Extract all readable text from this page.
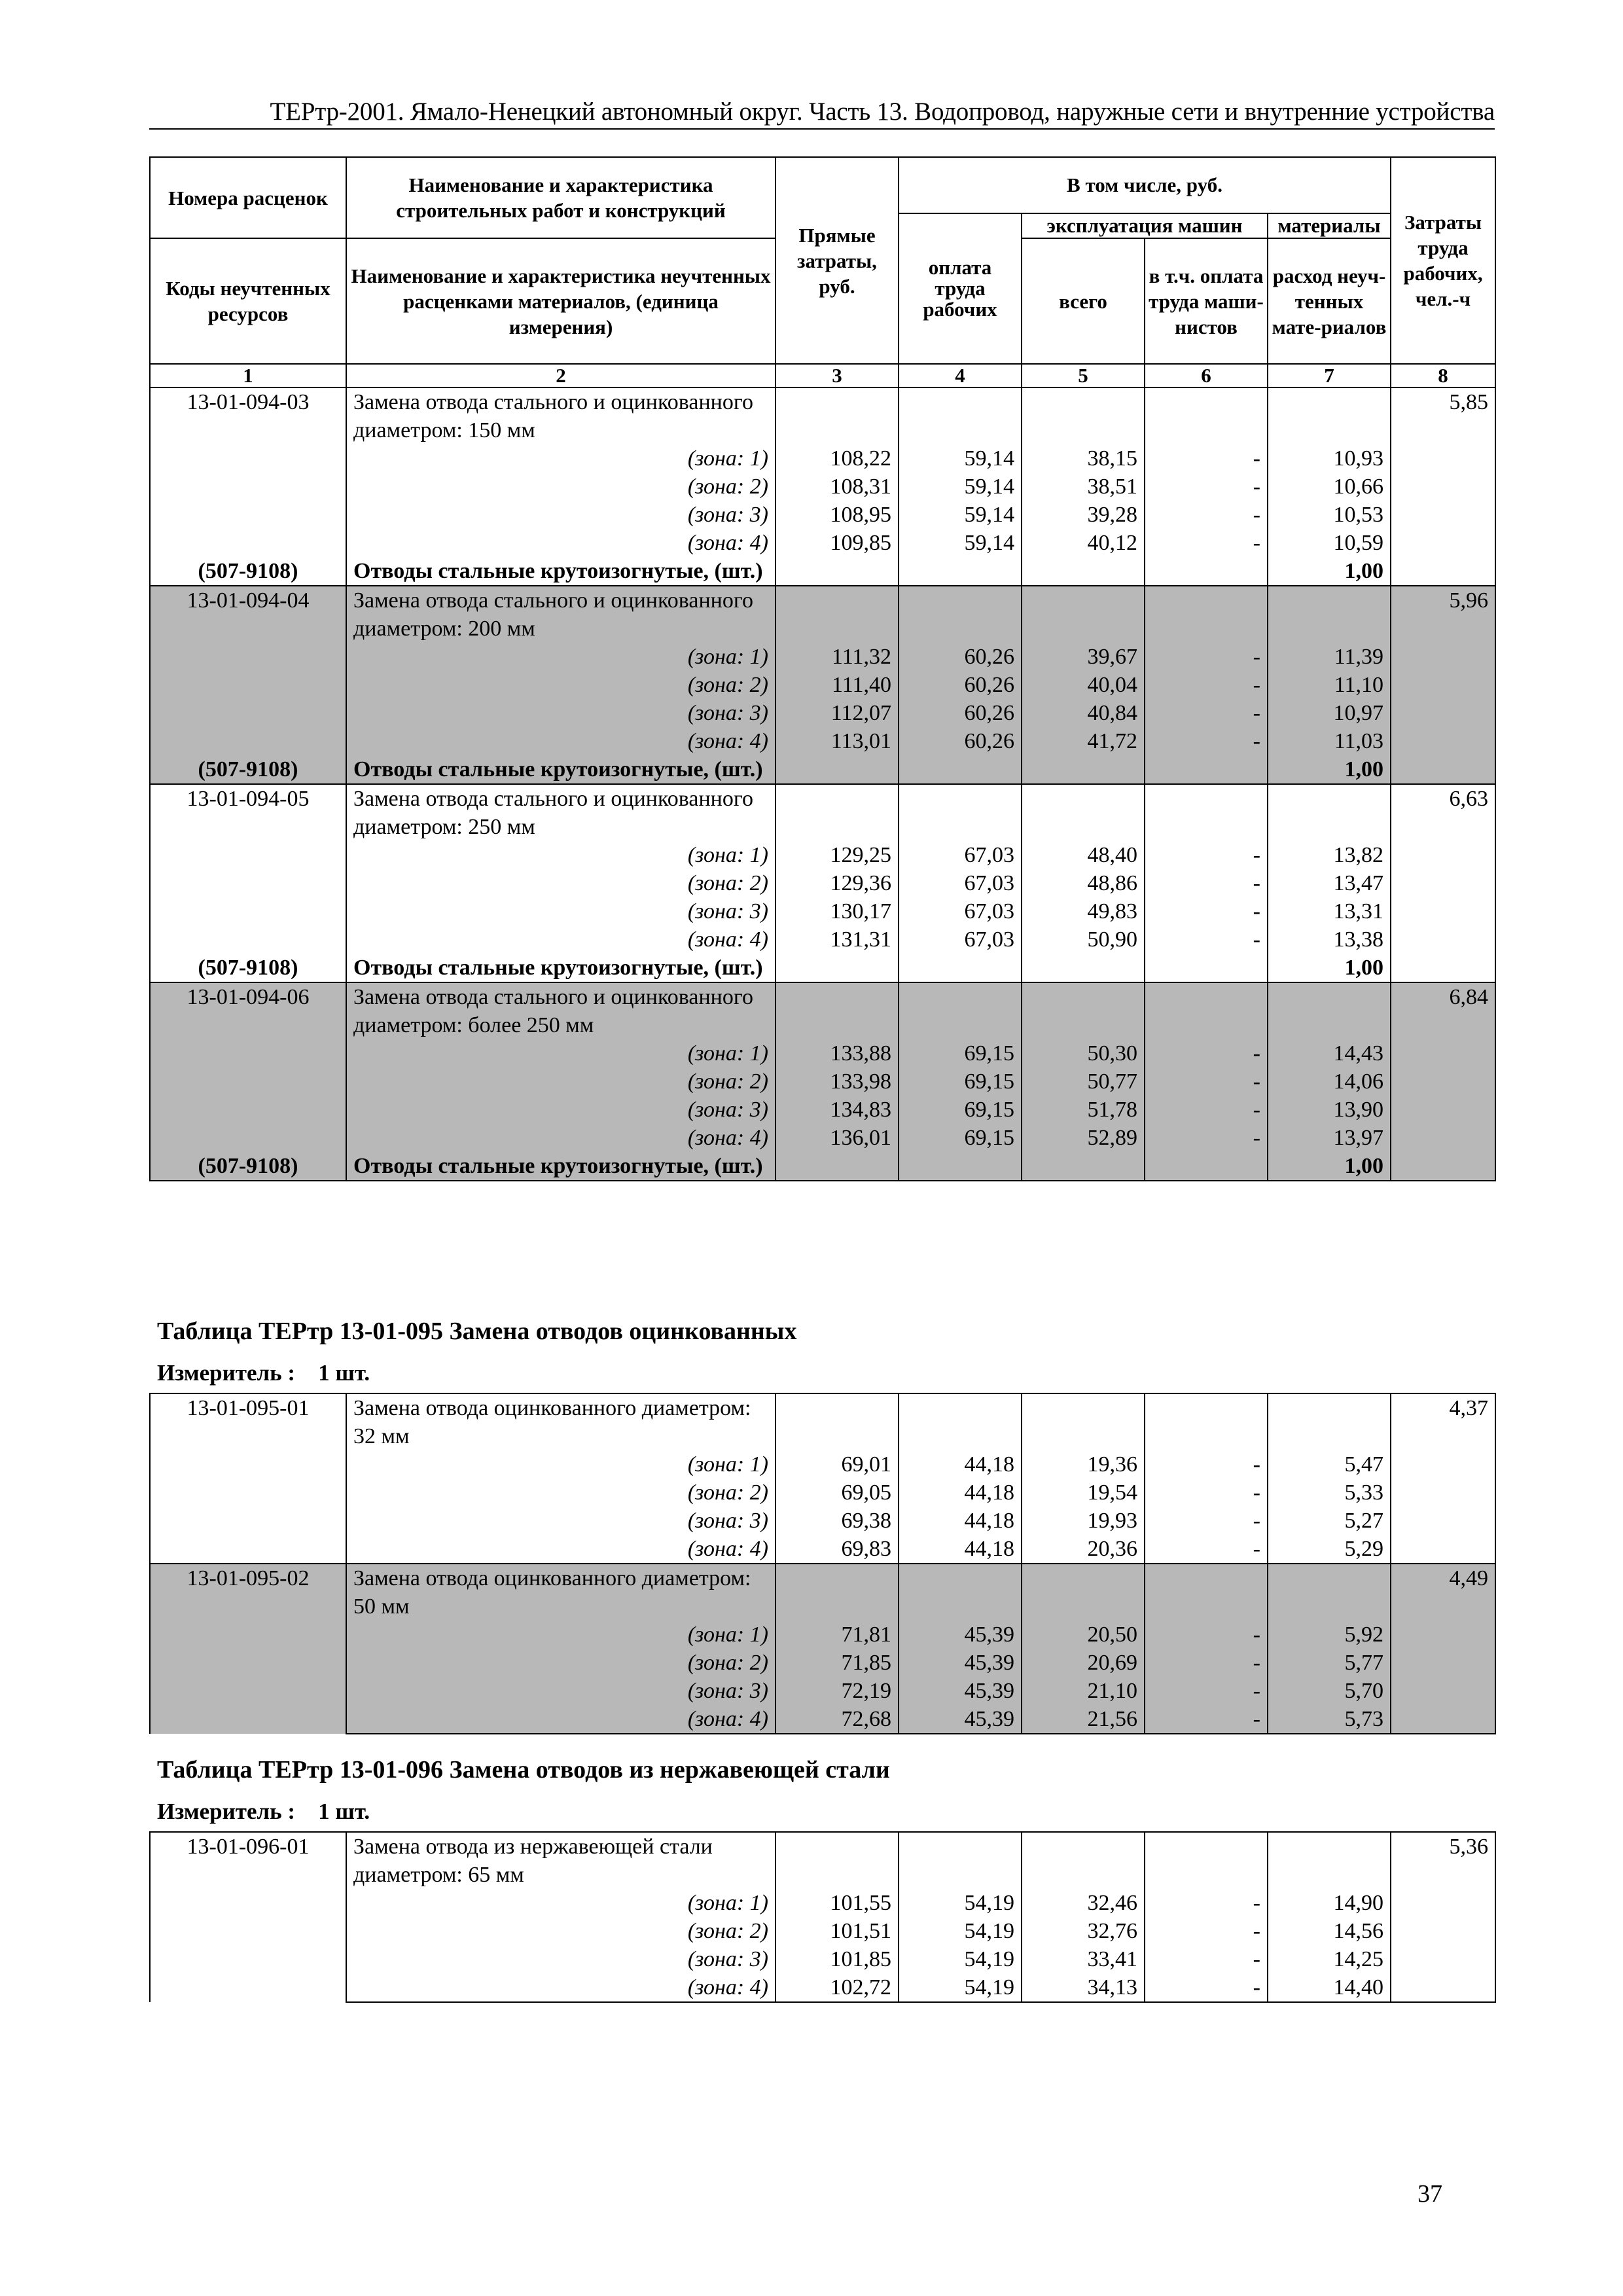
ТЕРтр-2001. Ямало-Ненецкий автономный округ. Часть 13. Водопровод, наружные сети и внутренние устройства
Номера расценок	Наименование и характеристика строительных работ и конструкций	Прямые затраты, руб.	В том числе, руб.				Затраты труда рабочих, чел.-ч
			оплата труда рабочих	эксплуатация машин		материалы	
Коды неучтенных ресурсов	Наименование и характеристика неучтенных расценками материалов, (единица измерения)			всего	в т.ч. оплата труда маши-нистов	расход неуч-тенных мате-риалов	
1	2	3	4	5	6	7	8
13-01-094-03	Замена отвода стального и оцинкованного диаметром: 150 мм						5,85
	(зона: 1)	108,22	59,14	38,15	-	10,93	
	(зона: 2)	108,31	59,14	38,51	-	10,66	
	(зона: 3)	108,95	59,14	39,28	-	10,53	
	(зона: 4)	109,85	59,14	40,12	-	10,59	
(507-9108)	Отводы стальные крутоизогнутые, (шт.)					1,00	
13-01-094-04	Замена отвода стального и оцинкованного диаметром: 200 мм						5,96
	(зона: 1)	111,32	60,26	39,67	-	11,39	
	(зона: 2)	111,40	60,26	40,04	-	11,10	
	(зона: 3)	112,07	60,26	40,84	-	10,97	
	(зона: 4)	113,01	60,26	41,72	-	11,03	
(507-9108)	Отводы стальные крутоизогнутые, (шт.)					1,00	
13-01-094-05	Замена отвода стального и оцинкованного диаметром: 250 мм						6,63
	(зона: 1)	129,25	67,03	48,40	-	13,82	
	(зона: 2)	129,36	67,03	48,86	-	13,47	
	(зона: 3)	130,17	67,03	49,83	-	13,31	
	(зона: 4)	131,31	67,03	50,90	-	13,38	
(507-9108)	Отводы стальные крутоизогнутые, (шт.)					1,00	
13-01-094-06	Замена отвода стального и оцинкованного диаметром: более 250 мм						6,84
	(зона: 1)	133,88	69,15	50,30	-	14,43	
	(зона: 2)	133,98	69,15	50,77	-	14,06	
	(зона: 3)	134,83	69,15	51,78	-	13,90	
	(зона: 4)	136,01	69,15	52,89	-	13,97	
(507-9108)	Отводы стальные крутоизогнутые, (шт.)					1,00	
Таблица ТЕРтр 13-01-095 Замена отводов оцинкованных
Измеритель : 1 шт.
13-01-095-01	Замена отвода оцинкованного диаметром: 32 мм						4,37
	(зона: 1)	69,01	44,18	19,36	-	5,47	
	(зона: 2)	69,05	44,18	19,54	-	5,33	
	(зона: 3)	69,38	44,18	19,93	-	5,27	
	(зона: 4)	69,83	44,18	20,36	-	5,29	
13-01-095-02	Замена отвода оцинкованного диаметром: 50 мм						4,49
	(зона: 1)	71,81	45,39	20,50	-	5,92	
	(зона: 2)	71,85	45,39	20,69	-	5,77	
	(зона: 3)	72,19	45,39	21,10	-	5,70	
	(зона: 4)	72,68	45,39	21,56	-	5,73	
Таблица ТЕРтр 13-01-096 Замена отводов из нержавеющей стали
Измеритель : 1 шт.
13-01-096-01	Замена отвода из нержавеющей стали диаметром: 65 мм						5,36
	(зона: 1)	101,55	54,19	32,46	-	14,90	
	(зона: 2)	101,51	54,19	32,76	-	14,56	
	(зона: 3)	101,85	54,19	33,41	-	14,25	
	(зона: 4)	102,72	54,19	34,13	-	14,40	
37
